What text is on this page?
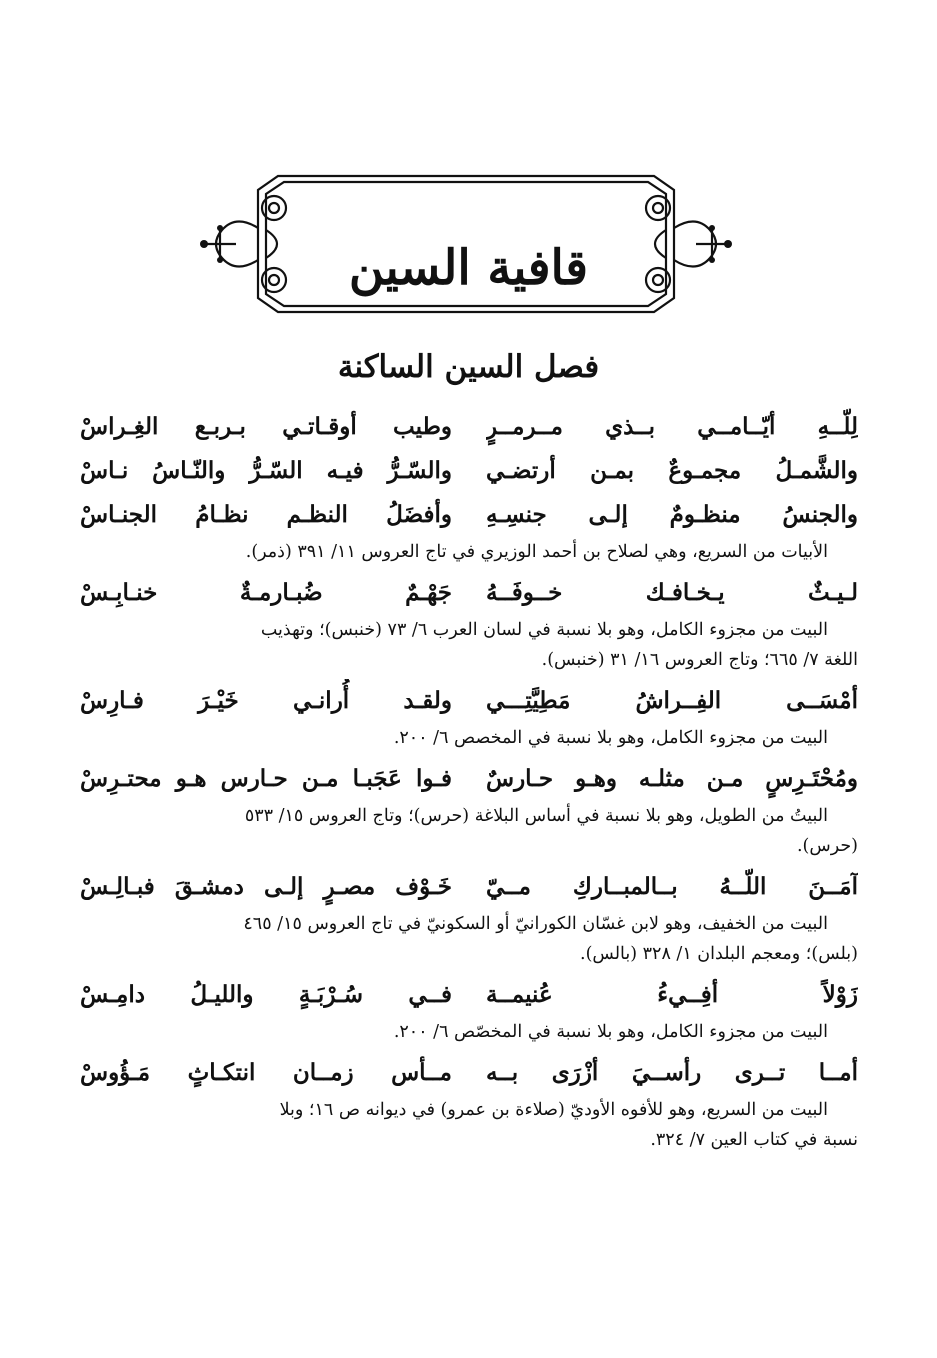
قافية السين
فصل السين الساكنة
لِلّــهِ أيّــامــي بــذي مــرمــرٍ
وطيب أوقـاتـي بـربـع الغِـراسْ
والشَّمـلُ مجمـوعٌ بمـن أرتضـي
والسّـرُّ فيـه السّـرُّ والنّـاسُ نـاسْ
والجنسُ منظـومٌ إلـى جنسِـهِ
وأفضَلُ النظـم نظـامُ الجنـاسْ

الأبيات من السريع، وهي لصلاح بن أحمد الوزيري في تاج العروس ١١/ ٣٩١ (ذمر).

لـيـثٌ يـخـافـك خــوفَــهُ
جَهْـمٌ ضُبـارمـةٌ خنـابِـسْ

البيت من مجزوء الكامل، وهو بلا نسبة في لسان العرب ٦/ ٧٣ (خنبس)؛ وتهذيب

اللغة ٧/ ٦٦٥؛ وتاج العروس ١٦/ ٣١ (خنبس).

أمْسَــى الفِــراشُ مَطِيَّتِـــي
ولقـد أُرانـي خَيْـرَ فـارِسْ

البيت من مجزوء الكامل، وهو بلا نسبة في المخصص ٦/ ٢٠٠.

ومُحْتَـرِسٍ مـن مثلـه وهـو حـارسٌ
فـوا عَجَبـا مـن حـارس هـو محتـرِسْ

البيتُ من الطويل، وهو بلا نسبة في أساس البلاغة (حرس)؛ وتاج العروس ١٥/ ٥٣٣

(حرس).

آمَــنَ اللّــهُ بــالمبــاركِ مــيّ
خَـوْف مصـرٍ إلـى دمشـقَ فبـالِـسْ

البيت من الخفيف، وهو لابن غسّان الكورانيّ أو السكونيّ في تاج العروس ١٥/ ٤٦٥

(بلس)؛ ومعجم البلدان ١/ ٣٢٨ (بالس).

زَوْلاً أفِــيءُ عُنيمــة
فــي سُـرْبَـةٍ والليـلُ دامِـسْ

البيت من مجزوء الكامل، وهو بلا نسبة في المخصّص ٦/ ٢٠٠.

أمــا تــرى رأســيَ أزْرَى بــه
مــأس زمــان انتكـاثٍ مَـؤُوسْ

البيت من السريع، وهو للأفوه الأوديّ (صلاءة بن عمرو) في ديوانه ص ١٦؛ وبلا

نسبة في كتاب العين ٧/ ٣٢٤.
